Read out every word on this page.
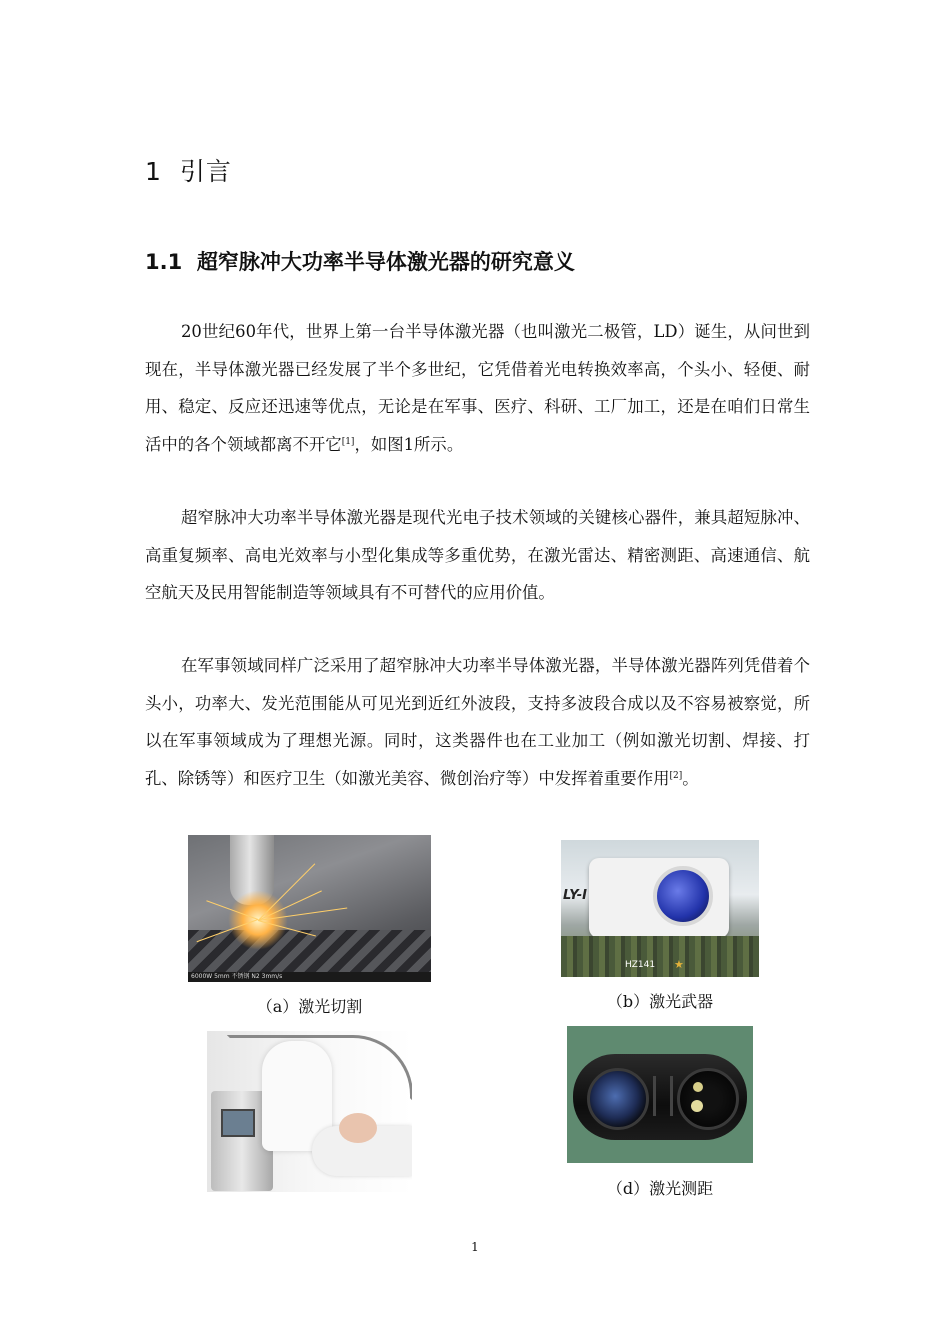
1 引言
1.1 超窄脉冲大功率半导体激光器的研究意义

20世纪60年代，世界上第一台半导体激光器（也叫激光二极管，LD）诞生，从问世到现在，半导体激光器已经发展了半个多世纪，它凭借着光电转换效率高，个头小、轻便、耐用、稳定、反应还迅速等优点，无论是在军事、医疗、科研、工厂加工，还是在咱们日常生活中的各个领域都离不开它[1]，如图1所示。

超窄脉冲大功率半导体激光器是现代光电子技术领域的关键核心器件，兼具超短脉冲、高重复频率、高电光效率与小型化集成等多重优势，在激光雷达、精密测距、高速通信、航空航天及民用智能制造等领域具有不可替代的应用价值。

在军事领域同样广泛采用了超窄脉冲大功率半导体激光器，半导体激光器阵列凭借着个头小，功率大、发光范围能从可见光到近红外波段，支持多波段合成以及不容易被察觉，所以在军事领域成为了理想光源。同时，这类器件也在工业加工（例如激光切割、焊接、打孔、除锈等）和医疗卫生（如激光美容、微创治疗等）中发挥着重要作用[2]。

6000W 5mm 不锈钢 N2 3mm/s
（a）激光切割
LY-I
HZ141 ★
（b）激光武器
（d）激光测距
1
